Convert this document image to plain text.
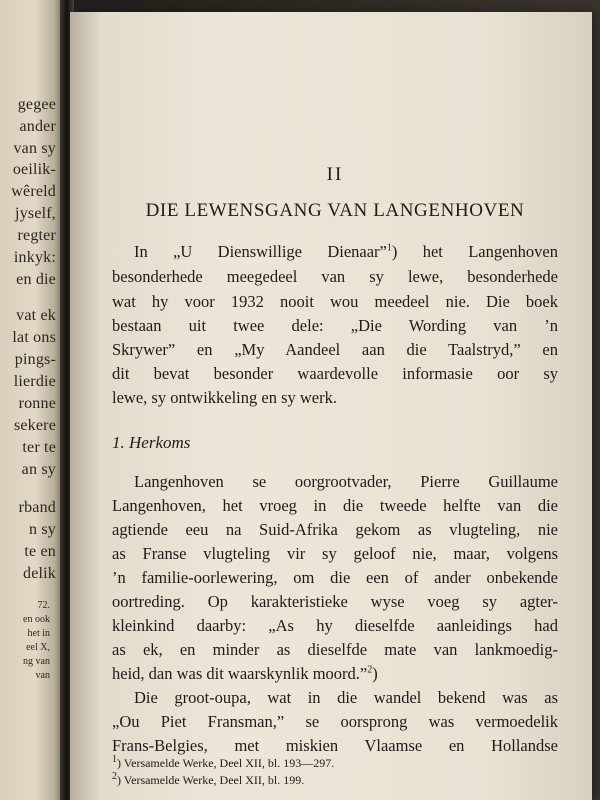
gegee
ander
van sy
oeilik-
wêreld
jyself,
regter
inkyk:
en die
vat ek
lat ons
pings-
lierdie
ronne
sekere
ter te
an sy
rband
n sy
te en
delik
72.
en ook
het in
eel X,
ng van
van
II
DIE LEWENSGANG VAN LANGENHOVEN
In „U Dienswillige Dienaar”$^1$) het Langenhoven
besonderhede meegedeel van sy lewe, besonderhede
wat hy voor 1932 nooit wou meedeel nie. Die boek
bestaan uit twee dele: „Die Wording van ’n
Skrywer” en „My Aandeel aan die Taalstryd,” en
dit bevat besonder waardevolle informasie oor sy
lewe, sy ontwikkeling en sy werk.
1. Herkoms
Langenhoven se oorgrootvader, Pierre Guillaume
Langenhoven, het vroeg in die tweede helfte van die
agtiende eeu na Suid-Afrika gekom as vlugteling, nie
as Franse vlugteling vir sy geloof nie, maar, volgens
’n familie-oorlewering, om die een of ander onbekende
oortreding. Op karakteristieke wyse voeg sy agter-
kleinkind daarby: „As hy dieselfde aanleidings had
as ek, en minder as dieselfde mate van lankmoedig-
heid, dan was dit waarskynlik moord.”$^2$)
Die groot-oupa, wat in die wandel bekend was as
„Ou Piet Fransman,” se oorsprong was vermoedelik
Frans-Belgies, met miskien Vlaamse en Hollandse
$^1$) Versamelde Werke, Deel XII, bl. 193—297.
$^2$) Versamelde Werke, Deel XII, bl. 199.
